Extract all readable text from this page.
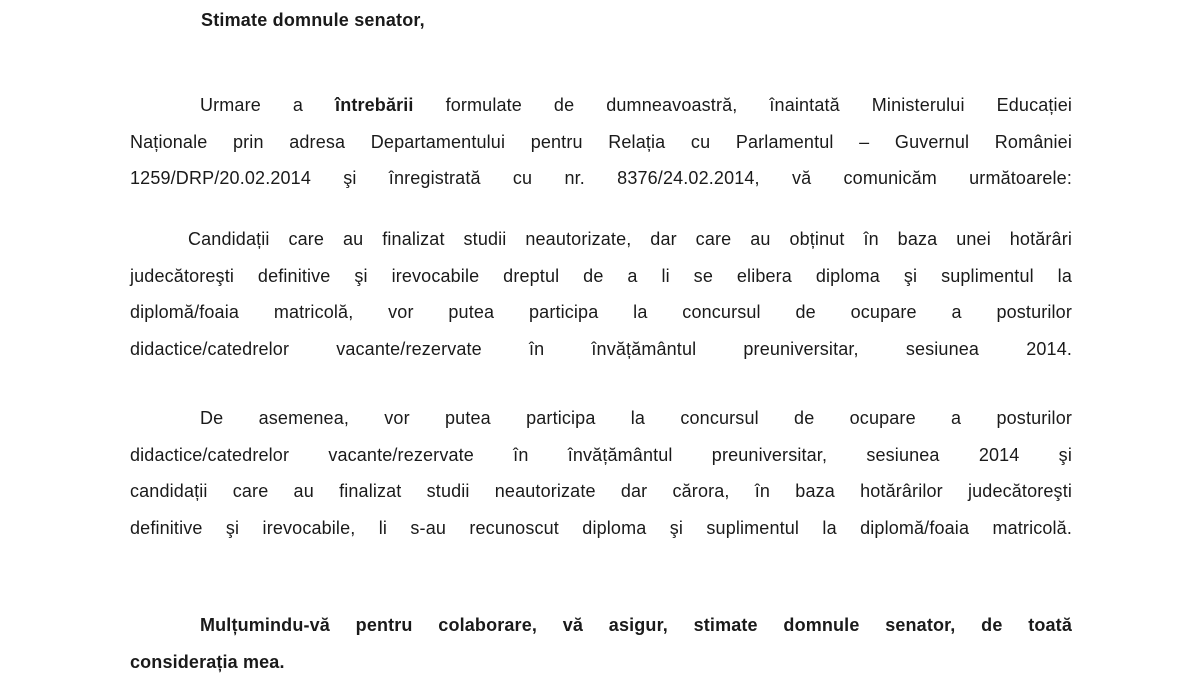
Stimate domnule senator,
Urmare a întrebării formulate de dumneavoastră, înaintată Ministerului Educației
Naționale prin adresa Departamentului pentru Relația cu Parlamentul – Guvernul României
1259/DRP/20.02.2014 şi înregistrată cu nr. 8376/24.02.2014, vă comunicăm următoarele:
Candidații care au finalizat studii neautorizate, dar care au obținut în baza unei hotărâri
judecătoreşti definitive şi irevocabile dreptul de a li se elibera diploma şi suplimentul la
diplomă/foaia matricolă, vor putea participa la concursul de ocupare a posturilor
didactice/catedrelor vacante/rezervate în învățământul preuniversitar, sesiunea 2014.
De asemenea, vor putea participa la concursul de ocupare a posturilor
didactice/catedrelor vacante/rezervate în învățământul preuniversitar, sesiunea 2014 şi
candidații care au finalizat studii neautorizate dar cărora, în baza hotărârilor judecătoreşti
definitive şi irevocabile, li s-au recunoscut diploma şi suplimentul la diplomă/foaia matricolă.
Mulțumindu-vă pentru colaborare, vă asigur, stimate domnule senator, de toată
considerația mea.
